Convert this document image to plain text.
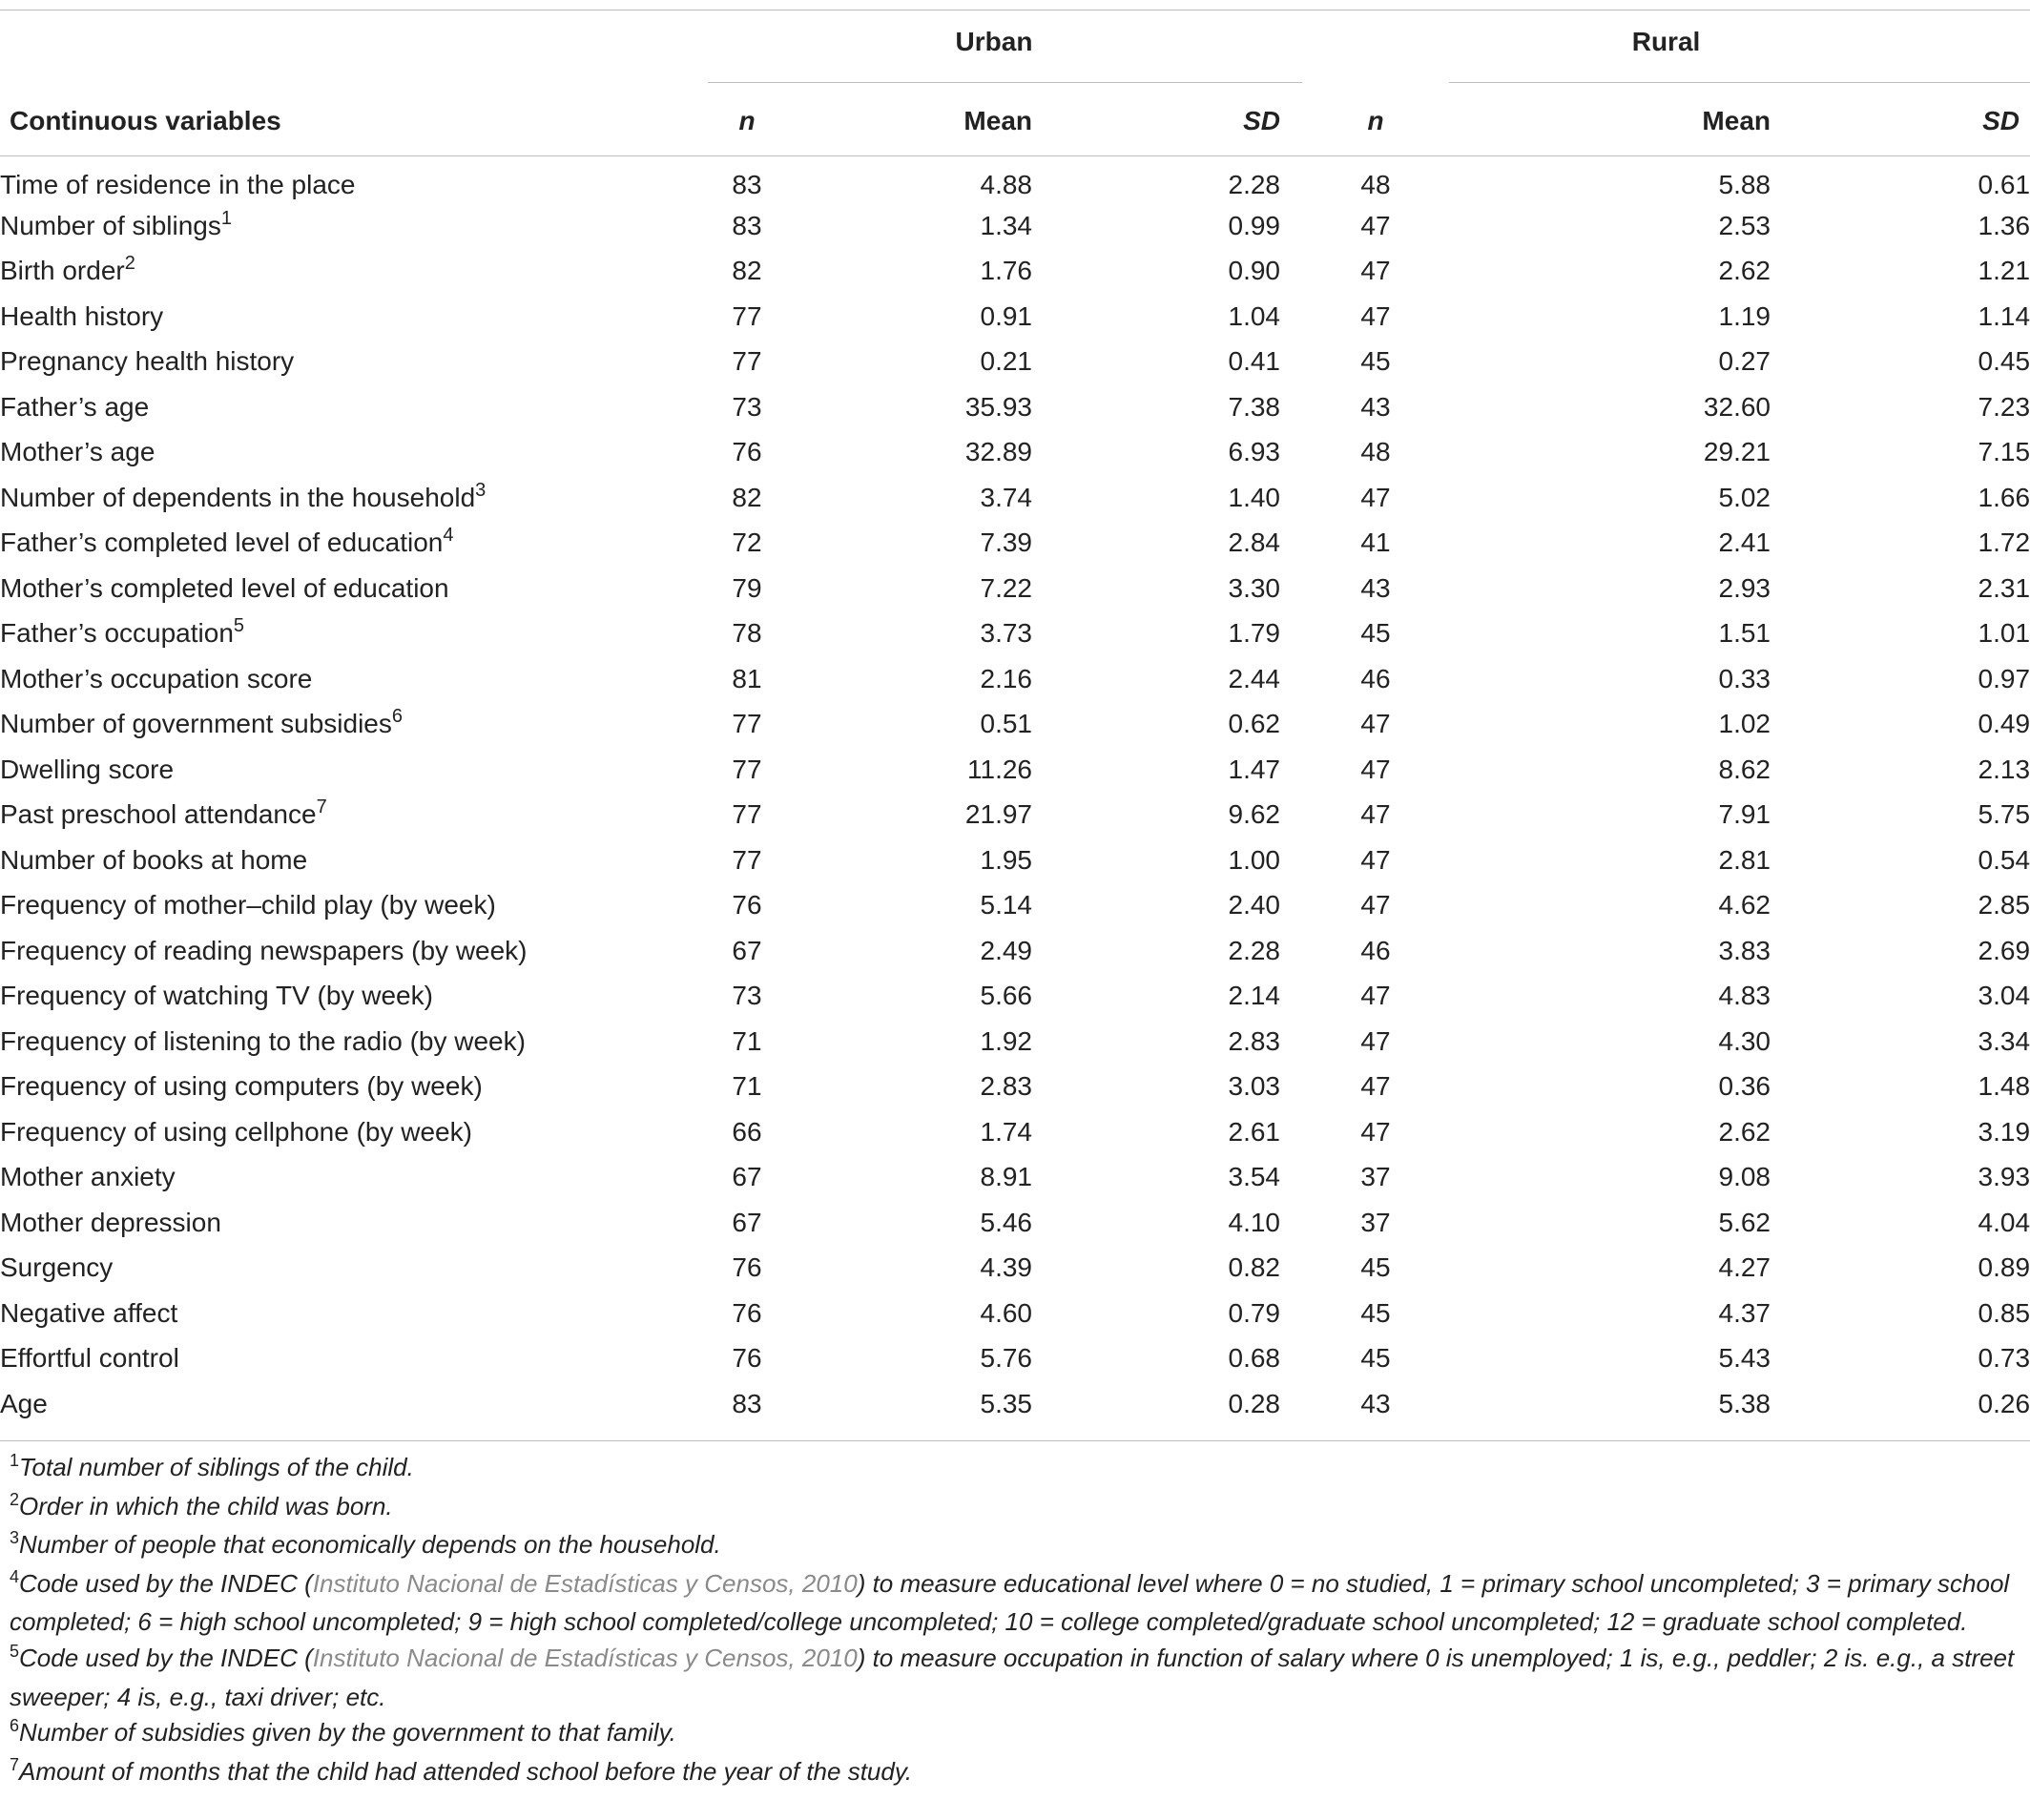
	Urban				Rural			
Continuous variables	n	Mean	SD		n		Mean	SD
Time of residence in the place	83	4.88	2.28		48		5.88	0.61
Number of siblings$^1$	83	1.34	0.99		47		2.53	1.36
Birth order$^2$	82	1.76	0.90		47		2.62	1.21
Health history	77	0.91	1.04		47		1.19	1.14
Pregnancy health history	77	0.21	0.41		45		0.27	0.45
Father’s age	73	35.93	7.38		43		32.60	7.23
Mother’s age	76	32.89	6.93		48		29.21	7.15
Number of dependents in the household$^3$	82	3.74	1.40		47		5.02	1.66
Father’s completed level of education$^4$	72	7.39	2.84		41		2.41	1.72
Mother’s completed level of education	79	7.22	3.30		43		2.93	2.31
Father’s occupation$^5$	78	3.73	1.79		45		1.51	1.01
Mother’s occupation score	81	2.16	2.44		46		0.33	0.97
Number of government subsidies$^6$	77	0.51	0.62		47		1.02	0.49
Dwelling score	77	11.26	1.47		47		8.62	2.13
Past preschool attendance$^7$	77	21.97	9.62		47		7.91	5.75
Number of books at home	77	1.95	1.00		47		2.81	0.54
Frequency of mother–child play (by week)	76	5.14	2.40		47		4.62	2.85
Frequency of reading newspapers (by week)	67	2.49	2.28		46		3.83	2.69
Frequency of watching TV (by week)	73	5.66	2.14		47		4.83	3.04
Frequency of listening to the radio (by week)	71	1.92	2.83		47		4.30	3.34
Frequency of using computers (by week)	71	2.83	3.03		47		0.36	1.48
Frequency of using cellphone (by week)	66	1.74	2.61		47		2.62	3.19
Mother anxiety	67	8.91	3.54		37		9.08	3.93
Mother depression	67	5.46	4.10		37		5.62	4.04
Surgency	76	4.39	0.82		45		4.27	0.89
Negative affect	76	4.60	0.79		45		4.37	0.85
Effortful control	76	5.76	0.68		45		5.43	0.73
Age	83	5.35	0.28		43		5.38	0.26

$^1$Total number of siblings of the child.

$^2$Order in which the child was born.

$^3$Number of people that economically depends on the household.

$^4$Code used by the INDEC (Instituto Nacional de Estadísticas y Censos, 2010) to measure educational level where 0 = no studied, 1 = primary school uncompleted; 3 = primary school completed; 6 = high school uncompleted; 9 = high school completed/college uncompleted; 10 = college completed/graduate school uncompleted; 12 = graduate school completed.

$^5$Code used by the INDEC (Instituto Nacional de Estadísticas y Censos, 2010) to measure occupation in function of salary where 0 is unemployed; 1 is, e.g., peddler; 2 is. e.g., a street sweeper; 4 is, e.g., taxi driver; etc.

$^6$Number of subsidies given by the government to that family.

$^7$Amount of months that the child had attended school before the year of the study.
